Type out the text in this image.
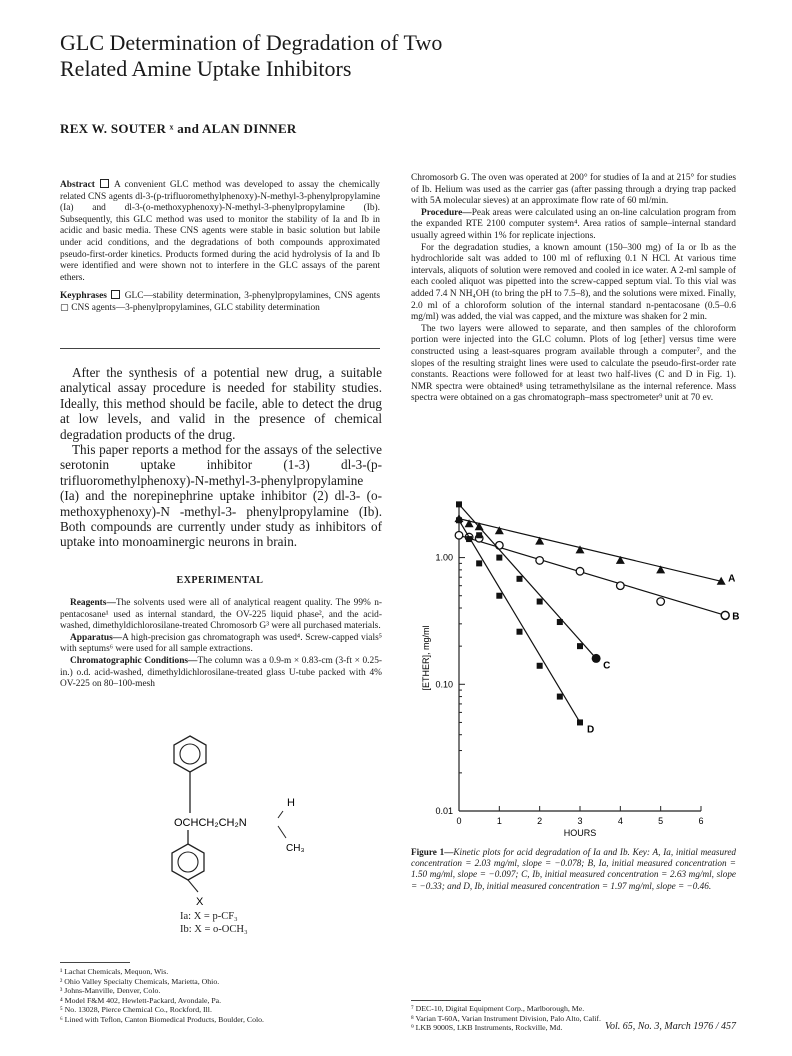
GLC Determination of Degradation of Two Related Amine Uptake Inhibitors
REX W. SOUTER ˣ and ALAN DINNER

Abstract A convenient GLC method was developed to assay the chemically related CNS agents dl-3-(p-trifluoromethylphenoxy)-N-methyl-3-phenylpropylamine (Ia) and dl-3-(o-methoxyphenoxy)-N-methyl-3-phenylpropylamine (Ib). Subsequently, this GLC method was used to monitor the stability of Ia and Ib in acidic and basic media. These CNS agents were stable in basic solution but labile under acid conditions, and the degradations of both compounds approximated pseudo-first-order kinetics. Products formed during the acid hydrolysis of Ia and Ib were identified and were shown not to interfere in the GLC assays of the parent ethers.

Keyphrases GLC—stability determination, 3-phenylpropylamines, CNS agents ▢ CNS agents—3-phenylpropylamines, GLC stability determination

After the synthesis of a potential new drug, a suitable analytical assay procedure is needed for stability studies. Ideally, this method should be facile, able to detect the drug at low levels, and valid in the presence of chemical degradation products of the drug.

This paper reports a method for the assays of the selective serotonin uptake inhibitor (1-3) dl-3-(p-trifluoromethylphenoxy)-N-methyl-3-phenylpropylamine (Ia) and the norepinephrine uptake inhibitor (2) dl-3- (o-methoxyphenoxy)-N -methyl-3- phenylpropylamine (Ib). Both compounds are currently under study as inhibitors of uptake into monoaminergic neurons in brain.

EXPERIMENTAL

Reagents—The solvents used were all of analytical reagent quality. The 99% n-pentacosane¹ used as internal standard, the OV-225 liquid phase², and the acid-washed, dimethyldichlorosilane-treated Chromosorb G³ were all purchased materials.

Apparatus—A high-precision gas chromatograph was used⁴. Screw-capped vials⁵ with septums⁶ were used for all sample extractions.

Chromatographic Conditions—The column was a 0.9-m × 0.83-cm (3-ft × 0.25-in.) o.d. acid-washed, dimethyldichlorosilane-treated glass U-tube packed with 4% OV-225 on 80–100-mesh

H
OCHCH₂CH₂N
CH₃
X
Ia: X = p-CF₃
Ib: X = o-OCH₃

Chromosorb G. The oven was operated at 200° for studies of Ia and at 215° for studies of Ib. Helium was used as the carrier gas (after passing through a drying trap packed with 5A molecular sieves) at an approximate flow rate of 60 ml/min.

Procedure—Peak areas were calculated using an on-line calculation program from the expanded RTE 2100 computer system⁴. Area ratios of sample–internal standard usually agreed within 1% for replicate injections.

For the degradation studies, a known amount (150–300 mg) of Ia or Ib as the hydrochloride salt was added to 100 ml of refluxing 0.1 N HCl. At various time intervals, aliquots of solution were removed and cooled in ice water. A 2-ml sample of each cooled aliquot was pipetted into the screw-capped septum vial. To this vial was added 7.4 N NH₄OH (to bring the pH to 7.5–8), and the solutions were mixed. Finally, 2.0 ml of a chloroform solution of the internal standard n-pentacosane (0.5–0.6 mg/ml) was added, the vial was capped, and the mixture was shaken for 2 min.

The two layers were allowed to separate, and then samples of the chloroform portion were injected into the GLC column. Plots of log [ether] versus time were constructed using a least-squares program available through a computer⁷, and the slopes of the resulting straight lines were used to calculate the pseudo-first-order rate constants. Reactions were followed for at least two half-lives (C and D in Fig. 1). NMR spectra were obtained⁸ using tetramethylsilane as the internal reference. Mass spectra were obtained on a gas chromatograph–mass spectrometer⁹ unit at 70 ev.

0	1	2	3	4	5	6
1.00
0.10
0.01
HOURS
[ETHER], mg/ml
A
B
C
D
Figure 1—Kinetic plots for acid degradation of Ia and Ib. Key: A, Ia, initial measured concentration = 2.03 mg/ml, slope = −0.078; B, Ia, initial measured concentration = 1.50 mg/ml, slope = −0.097; C, Ib, initial measured concentration = 2.63 mg/ml, slope = −0.33; and D, Ib, initial measured concentration = 1.97 mg/ml, slope = −0.46.
¹ Lachat Chemicals, Mequon, Wis.
² Ohio Valley Specialty Chemicals, Marietta, Ohio.
³ Johns-Manville, Denver, Colo.
⁴ Model F&M 402, Hewlett-Packard, Avondale, Pa.
⁵ No. 13028, Pierce Chemical Co., Rockford, Ill.
⁶ Lined with Teflon, Canton Biomedical Products, Boulder, Colo.
⁷ DEC-10, Digital Equipment Corp., Marlborough, Me.
⁸ Varian T-60A, Varian Instrument Division, Palo Alto, Calif.
⁹ LKB 9000S, LKB Instruments, Rockville, Md.	Vol. 65, No. 3, March 1976 / 457
